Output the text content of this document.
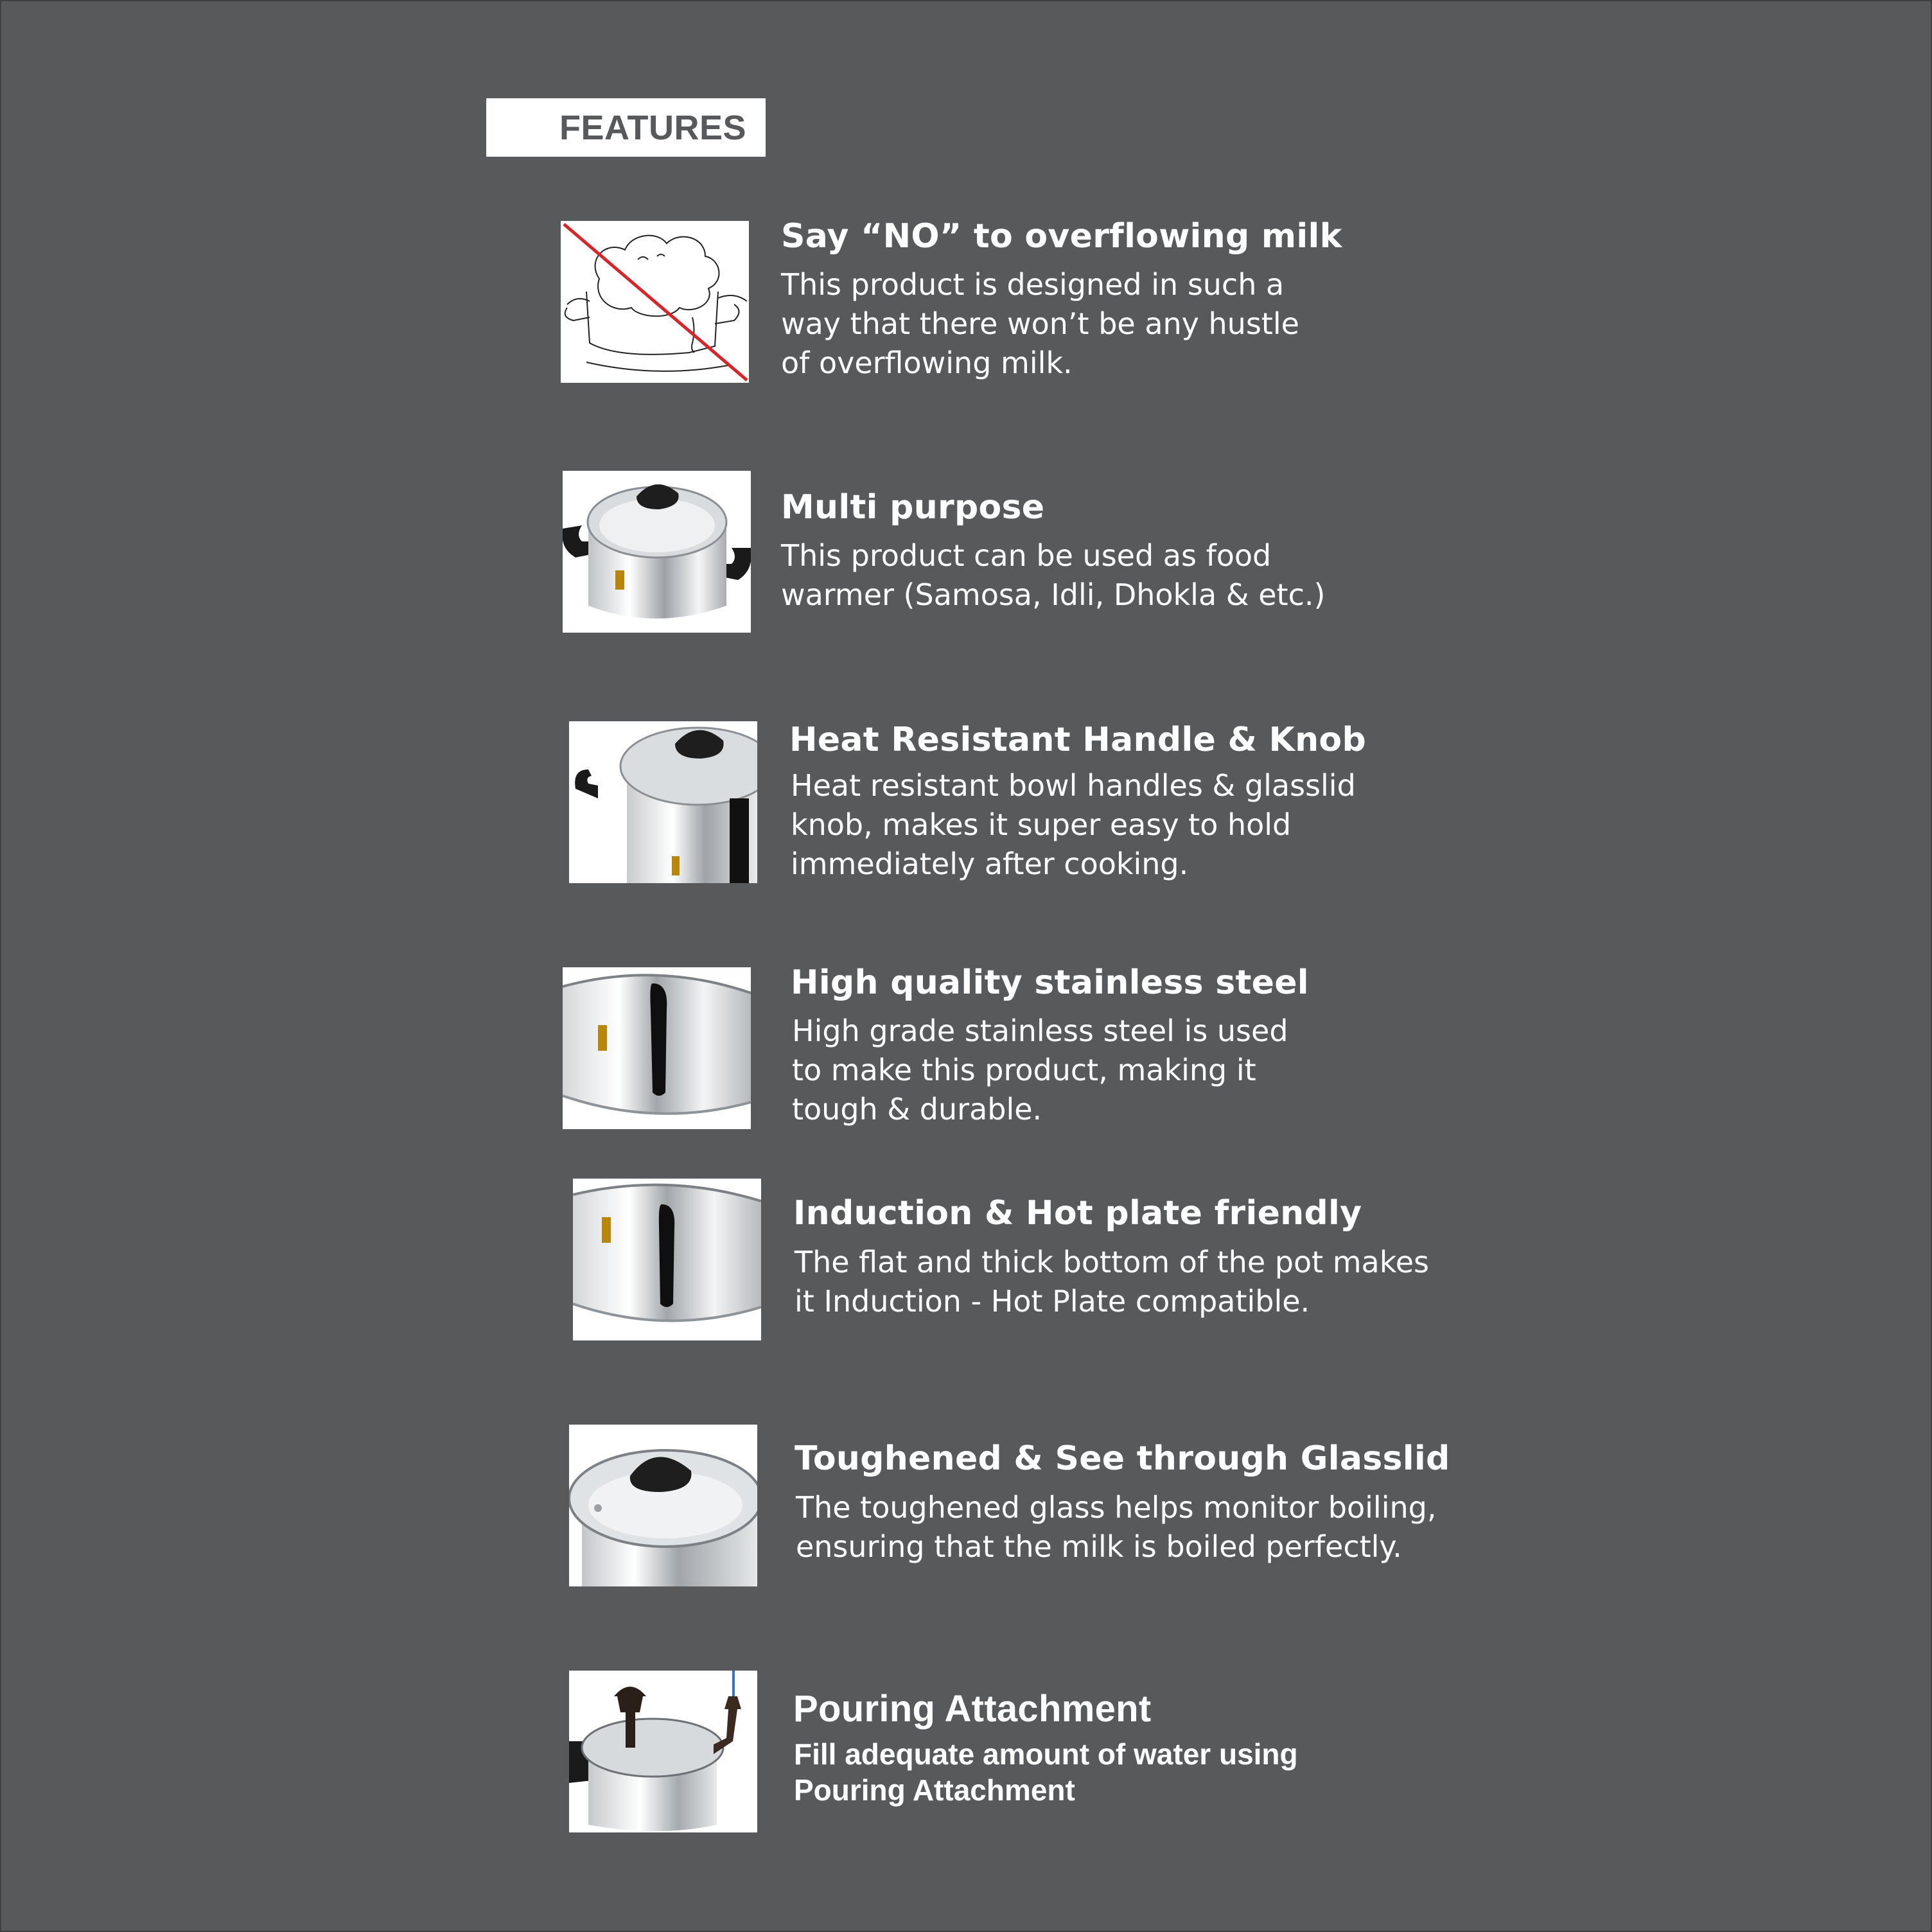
FEATURES
Say “NO” to overflowing milk
This product is designed in such a
way that there won’t be any hustle
of overflowing milk.
Multi purpose
This product can be used as food
warmer (Samosa, Idli, Dhokla & etc.)
Heat Resistant Handle & Knob
Heat resistant bowl handles & glasslid
knob, makes it super easy to hold
immediately after cooking.
High quality stainless steel
High grade stainless steel is used
to make this product, making it
tough & durable.
Induction & Hot plate friendly
The flat and thick bottom of the pot makes
it Induction - Hot Plate compatible.
Toughened & See through Glasslid
The toughened glass helps monitor boiling,
ensuring that the milk is boiled perfectly.
Pouring Attachment
Fill adequate amount of water using
Pouring Attachment
